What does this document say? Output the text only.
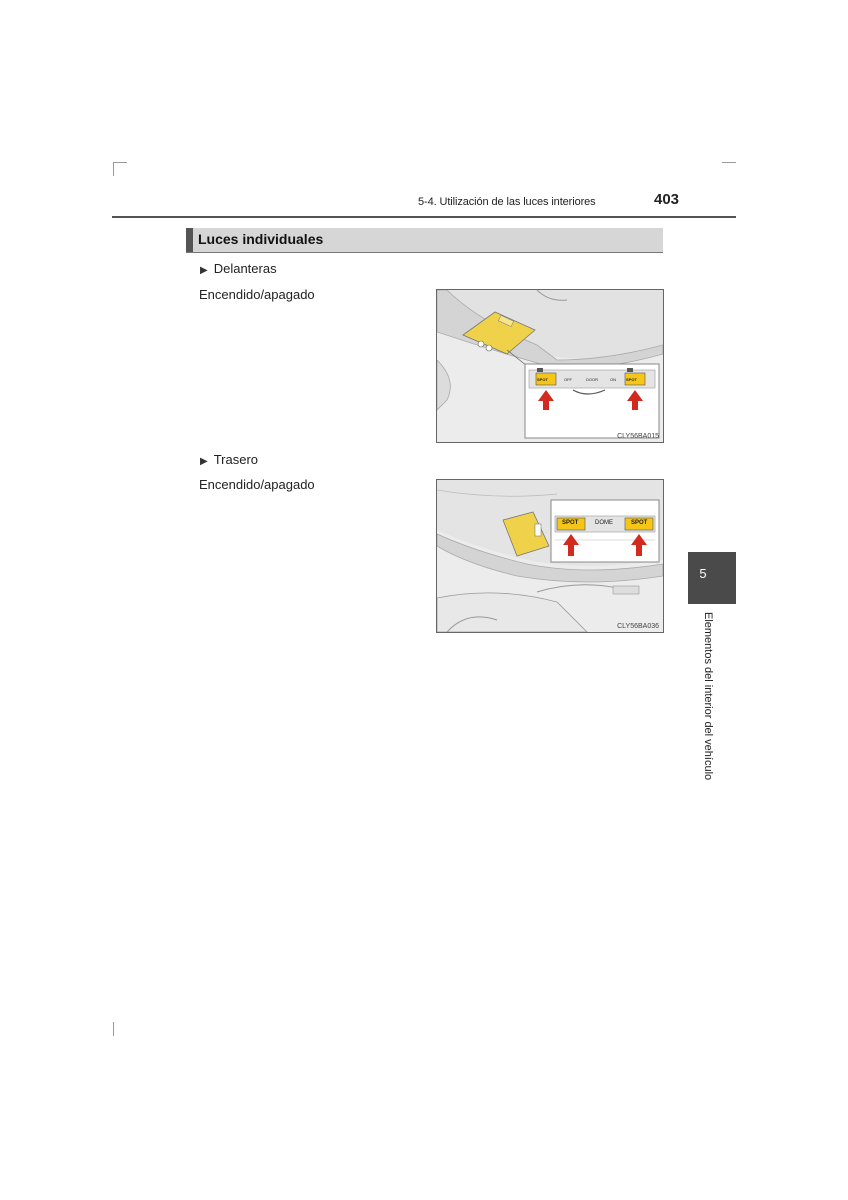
5-4. Utilización de las luces interiores	403
Luces individuales
▶ Delanteras
Encendido/apagado
SPOT	OFF	DOOR	ON	SPOT
CLY56BA015
▶ Trasero
Encendido/apagado
SPOT	DOME	SPOT
CLY56BA036
5
Elementos del interior del vehículo
